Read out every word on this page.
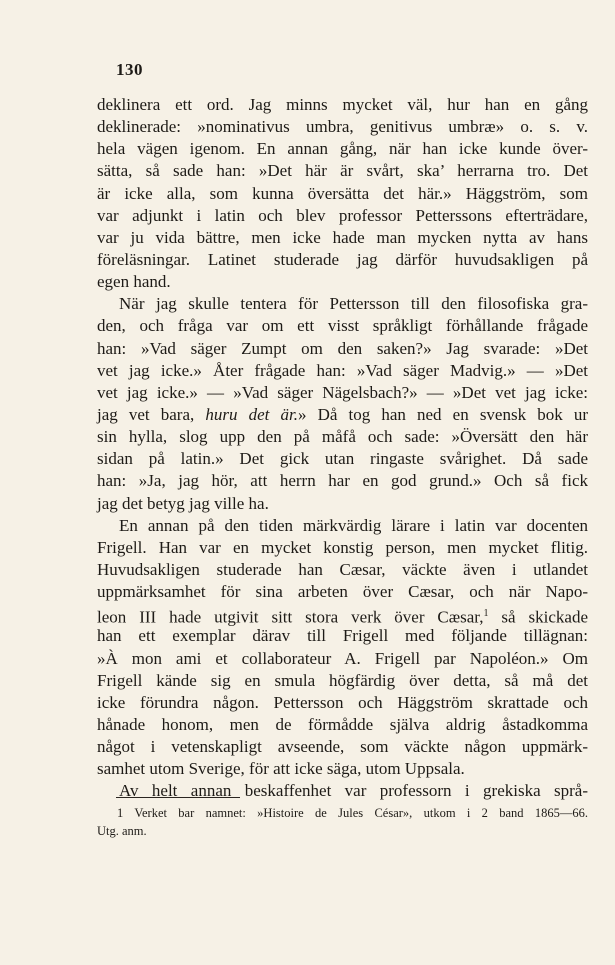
130
deklinera ett ord. Jag minns mycket väl, hur han en gång
deklinerade: »nominativus umbra, genitivus umbræ» o. s. v.
hela vägen igenom. En annan gång, när han icke kunde över-
sätta, så sade han: »Det här är svårt, ska’ herrarna tro. Det
är icke alla, som kunna översätta det här.» Häggström, som
var adjunkt i latin och blev professor Petterssons efterträdare,
var ju vida bättre, men icke hade man mycken nytta av hans
föreläsningar. Latinet studerade jag därför huvudsakligen på
egen hand.
När jag skulle tentera för Pettersson till den filosofiska gra-
den, och fråga var om ett visst språkligt förhållande frågade
han: »Vad säger Zumpt om den saken?» Jag svarade: »Det
vet jag icke.» Åter frågade han: »Vad säger Madvig.» — »Det
vet jag icke.» — »Vad säger Nägelsbach?» — »Det vet jag icke:
jag vet bara, huru det är.» Då tog han ned en svensk bok ur
sin hylla, slog upp den på måfå och sade: »Översätt den här
sidan på latin.» Det gick utan ringaste svårighet. Då sade
han: »Ja, jag hör, att herrn har en god grund.» Och så fick
jag det betyg jag ville ha.
En annan på den tiden märkvärdig lärare i latin var docenten
Frigell. Han var en mycket konstig person, men mycket flitig.
Huvudsakligen studerade han Cæsar, väckte även i utlandet
uppmärksamhet för sina arbeten över Cæsar, och när Napo-
leon III hade utgivit sitt stora verk över Cæsar,$^1$ så skickade
han ett exemplar därav till Frigell med följande tillägnan:
»À mon ami et collaborateur A. Frigell par Napoléon.» Om
Frigell kände sig en smula högfärdig över detta, så må det
icke förundra någon. Pettersson och Häggström skrattade och
hånade honom, men de förmådde själva aldrig åstadkomma
något i vetenskapligt avseende, som väckte någon uppmärk-
samhet utom Sverige, för att icke säga, utom Uppsala.
Av helt annan beskaffenhet var professorn i grekiska språ-
1 Verket bar namnet: »Histoire de Jules César», utkom i 2 band 1865—66.
Utg. anm.
